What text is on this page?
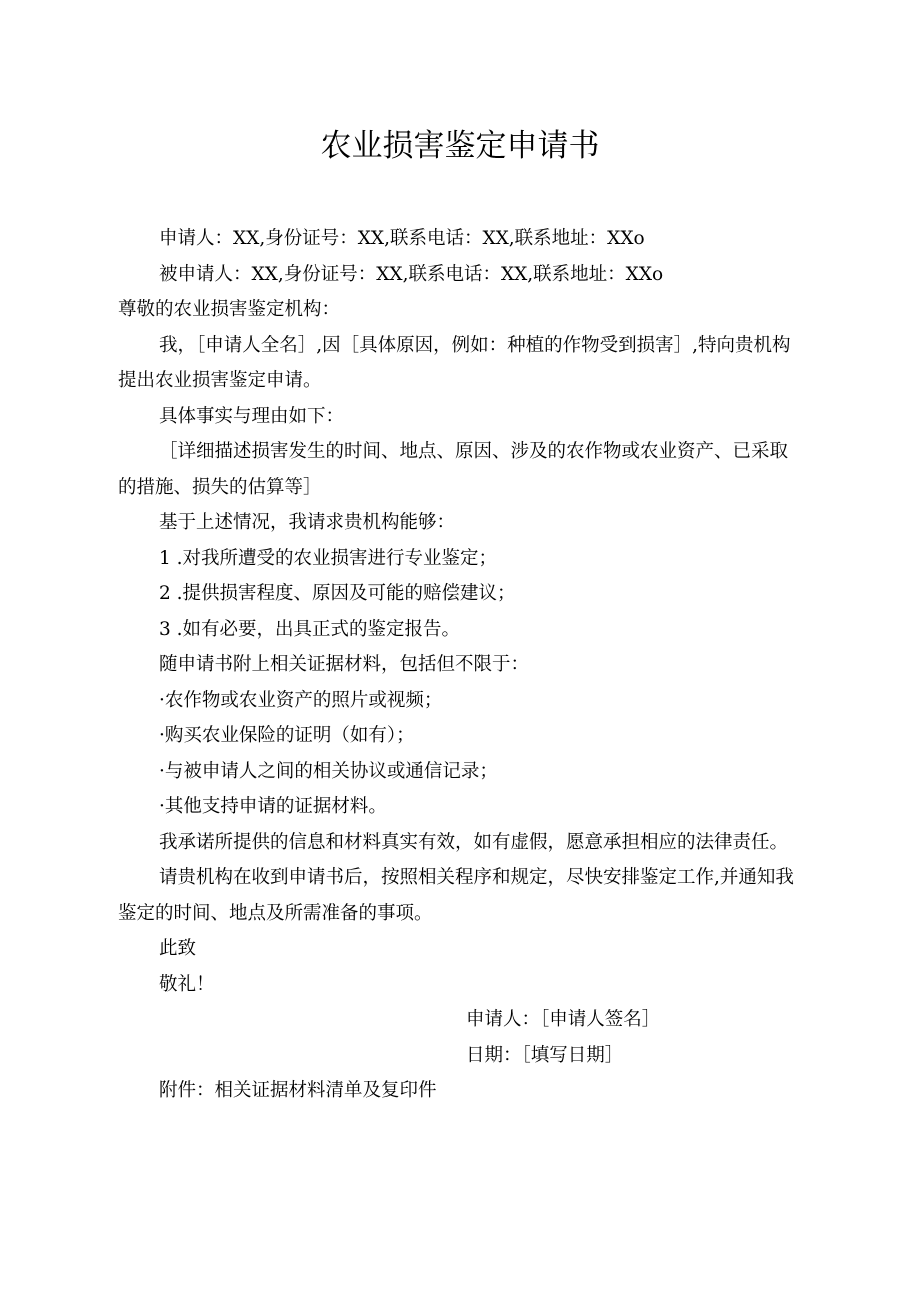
农业损害鉴定申请书

申请人：XX,身份证号：XX,联系电话：XX,联系地址：XXo

被申请人：XX,身份证号：XX,联系电话：XX,联系地址：XXo

尊敬的农业损害鉴定机构：

我，［申请人全名］,因［具体原因，例如：种植的作物受到损害］,特向贵机构提出农业损害鉴定申请。

具体事实与理由如下：

［详细描述损害发生的时间、地点、原因、涉及的农作物或农业资产、已采取的措施、损失的估算等］

基于上述情况，我请求贵机构能够：

1 .对我所遭受的农业损害进行专业鉴定；

2 .提供损害程度、原因及可能的赔偿建议；

3 .如有必要，出具正式的鉴定报告。

随申请书附上相关证据材料，包括但不限于：

·农作物或农业资产的照片或视频；

·购买农业保险的证明（如有）；

·与被申请人之间的相关协议或通信记录；

·其他支持申请的证据材料。

我承诺所提供的信息和材料真实有效，如有虚假，愿意承担相应的法律责任。

请贵机构在收到申请书后，按照相关程序和规定，尽快安排鉴定工作,并通知我鉴定的时间、地点及所需准备的事项。

此致

敬礼！

申请人：［申请人签名］

日期：［填写日期］

附件：相关证据材料清单及复印件
